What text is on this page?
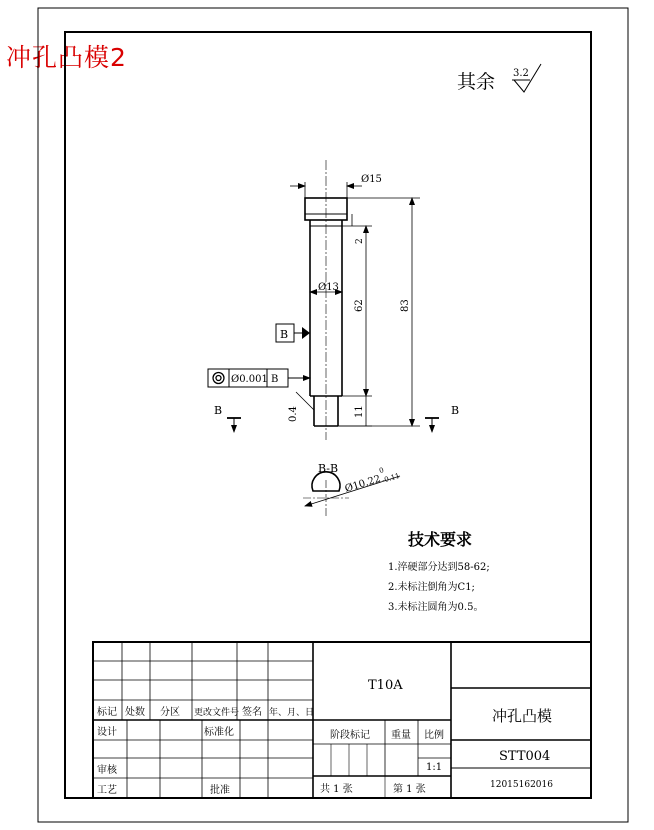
冲孔凸模2
其余 3.2
Ø15
Ø13
83
62
2
11
0.4
B
Ø0.001 B
B	B
B-B
Ø10.22
0
-0.11
技术要求
1.淬硬部分达到58-62;
2.未标注倒角为C1;
3.未标注圆角为0.5。
标记 处数 分区 更改文件号 签名 年、月、日
设计	标准化
审核
工艺	批准
T10A
阶段标记 重量 比例
1:1
共 1 张	第 1 张
冲孔凸模
STT004
12015162016
